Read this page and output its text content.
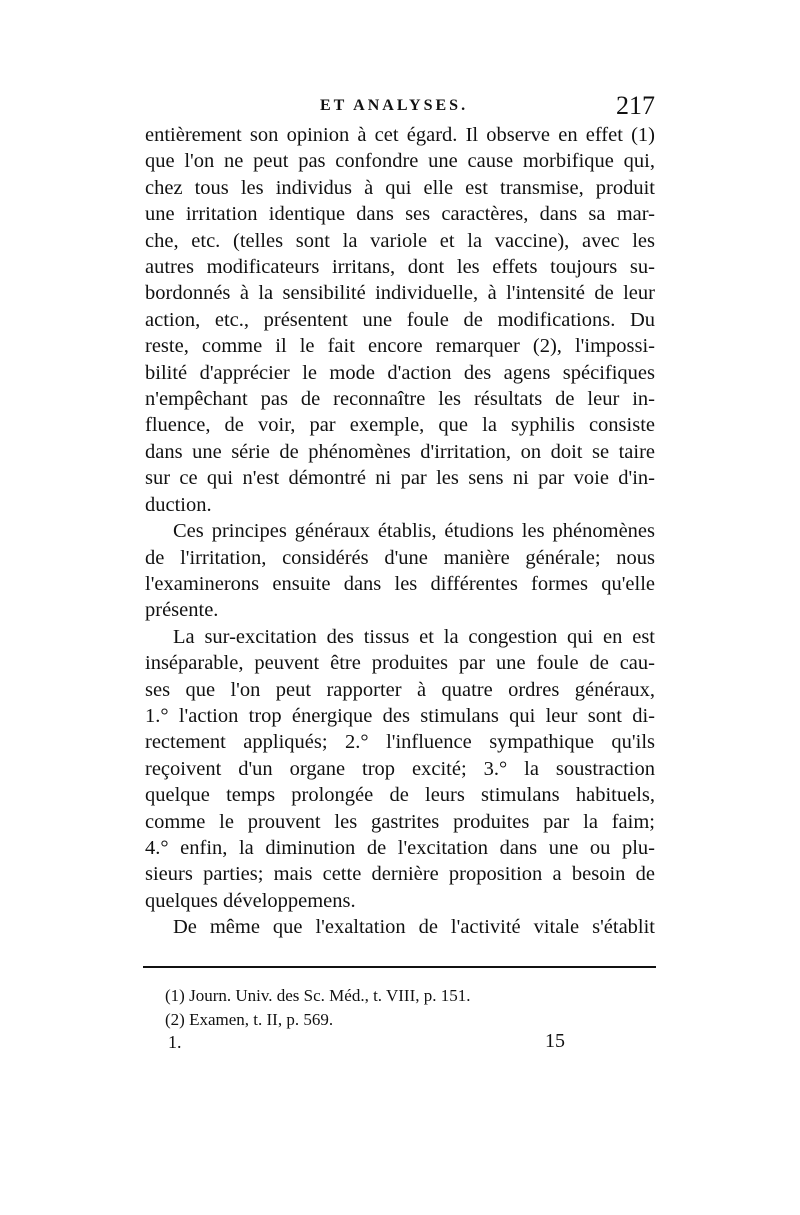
ET ANALYSES.	217

entièrement son opinion à cet égard. Il observe en effet (1)
que l'on ne peut pas confondre une cause morbifique qui,
chez tous les individus à qui elle est transmise, produit
une irritation identique dans ses caractères, dans sa mar-
che, etc. (telles sont la variole et la vaccine), avec les
autres modificateurs irritans, dont les effets toujours su-
bordonnés à la sensibilité individuelle, à l'intensité de leur
action, etc., présentent une foule de modifications. Du
reste, comme il le fait encore remarquer (2), l'impossi-
bilité d'apprécier le mode d'action des agens spécifiques
n'empêchant pas de reconnaître les résultats de leur in-
fluence, de voir, par exemple, que la syphilis consiste
dans une série de phénomènes d'irritation, on doit se taire
sur ce qui n'est démontré ni par les sens ni par voie d'in-
duction.

Ces principes généraux établis, étudions les phénomènes
de l'irritation, considérés d'une manière générale; nous
l'examinerons ensuite dans les différentes formes qu'elle
présente.

La sur-excitation des tissus et la congestion qui en est
inséparable, peuvent être produites par une foule de cau-
ses que l'on peut rapporter à quatre ordres généraux,
1.° l'action trop énergique des stimulans qui leur sont di-
rectement appliqués; 2.° l'influence sympathique qu'ils
reçoivent d'un organe trop excité; 3.° la soustraction
quelque temps prolongée de leurs stimulans habituels,
comme le prouvent les gastrites produites par la faim;
4.° enfin, la diminution de l'excitation dans une ou plu-
sieurs parties; mais cette dernière proposition a besoin de
quelques développemens.

De même que l'exaltation de l'activité vitale s'établit

(1) Journ. Univ. des Sc. Méd., t. VIII, p. 151.
(2) Examen, t. II, p. 569.
1.	15
